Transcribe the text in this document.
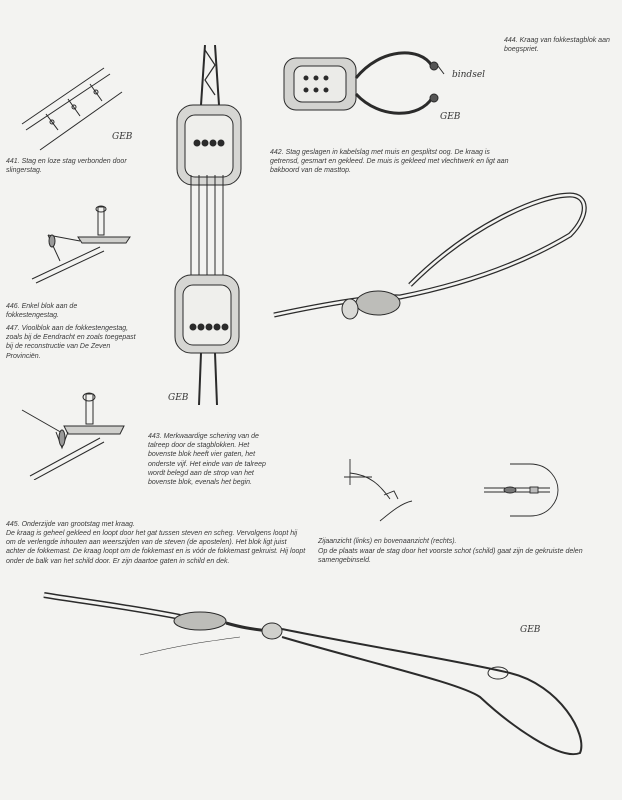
GEB
441. Stag en loze stag verbonden door slingerstag.
446. Enkel blok aan de fokkestengestag.
447. Vioolblok aan de fokkestengestag, zoals bij de Eendracht en zoals toegepast bij de reconstructie van De Zeven Provinciën.
GEB
443. Merkwaardige schering van de talreep door de stagblokken. Het bovenste blok heeft vier gaten, het onderste vijf. Het einde van de talreep wordt belegd aan de strop van het bovenste blok, evenals het begin.
bindsel
GEB
444. Kraag van fokkestagblok aan boegspriet.
442. Stag geslagen in kabelslag met muis en gesplitst oog. De kraag is getrensd, gesmart en gekleed. De muis is gekleed met vlechtwerk en ligt aan bakboord van de masttop.
Zijaanzicht (links) en bovenaanzicht (rechts).
Op de plaats waar de stag door het voorste schot (schild) gaat zijn de gekruiste delen samengebinseld.
445. Onderzijde van grootstag met kraag.
De kraag is geheel gekleed en loopt door het gat tussen steven en scheg. Vervolgens loopt hij om de verlengde inhouten aan weerszijden van de steven (de apostelen). Het blok ligt juist achter de fokkemast. De kraag loopt om de fokkemast en is vóór de fokkemast gekruist. Hij loopt onder de balk van het schild door. Er zijn daartoe gaten in schild en dek.
GEB
